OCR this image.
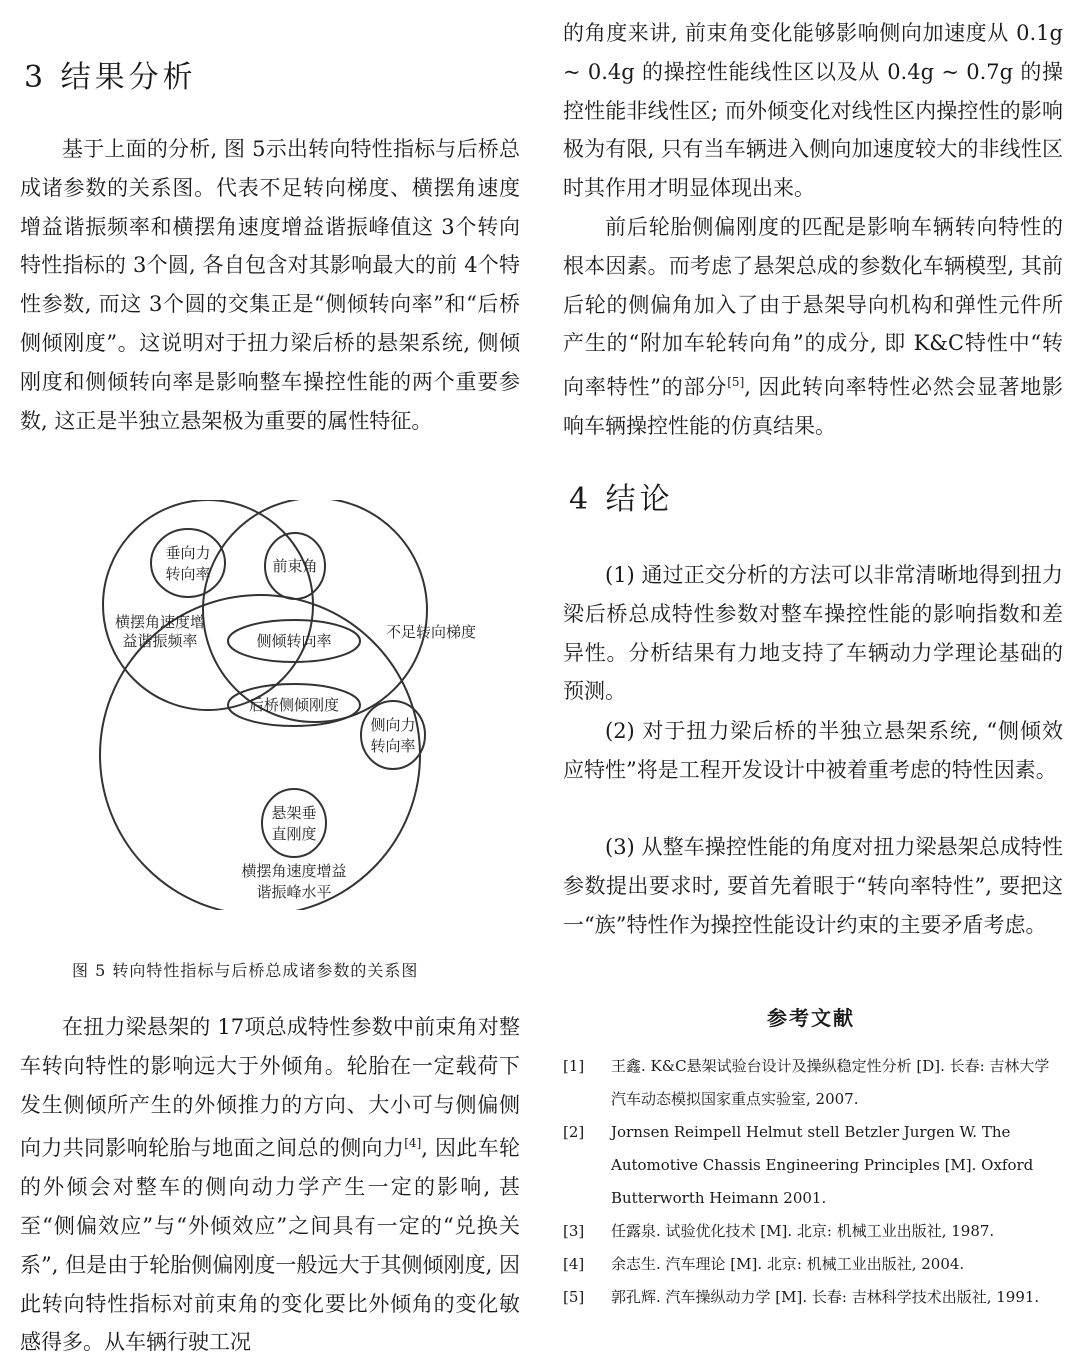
3 结果分析

基于上面的分析, 图 5示出转向特性指标与后桥总成诸参数的关系图。代表不足转向梯度、横摆角速度增益谐振频率和横摆角速度增益谐振峰值这 3个转向特性指标的 3个圆, 各自包含对其影响最大的前 4个特性参数, 而这 3个圆的交集正是“侧倾转向率”和“后桥侧倾刚度”。这说明对于扭力梁后桥的悬架系统, 侧倾刚度和侧倾转向率是影响整车操控性能的两个重要参数, 这正是半独立悬架极为重要的属性特征。

垂向力
转向率	前束角
横摆角速度增
益谐振频率	不足转向梯度
侧倾转向率
后桥侧倾刚度
侧向力
转向率
悬架垂
直刚度
横摆角速度增益
谐振峰水平
图 5 转向特性指标与后桥总成诸参数的关系图

在扭力梁悬架的 17项总成特性参数中前束角对整车转向特性的影响远大于外倾角。轮胎在一定载荷下发生侧倾所产生的外倾推力的方向、大小可与侧偏侧向力共同影响轮胎与地面之间总的侧向力[4], 因此车轮的外倾会对整车的侧向动力学产生一定的影响, 甚至“侧偏效应”与“外倾效应”之间具有一定的“兑换关系”, 但是由于轮胎侧偏刚度一般远大于其侧倾刚度, 因此转向特性指标对前束角的变化要比外倾角的变化敏感得多。从车辆行驶工况

的角度来讲, 前束角变化能够影响侧向加速度从 0.1g ~ 0.4g 的操控性能线性区以及从 0.4g ~ 0.7g 的操控性能非线性区; 而外倾变化对线性区内操控性的影响极为有限, 只有当车辆进入侧向加速度较大的非线性区时其作用才明显体现出来。

前后轮胎侧偏刚度的匹配是影响车辆转向特性的根本因素。而考虑了悬架总成的参数化车辆模型, 其前后轮的侧偏角加入了由于悬架导向机构和弹性元件所产生的“附加车轮转向角”的成分, 即 K&C特性中“转向率特性”的部分[5], 因此转向率特性必然会显著地影响车辆操控性能的仿真结果。

4 结论

(1) 通过正交分析的方法可以非常清晰地得到扭力梁后桥总成特性参数对整车操控性能的影响指数和差异性。分析结果有力地支持了车辆动力学理论基础的预测。

(2) 对于扭力梁后桥的半独立悬架系统, “侧倾效应特性”将是工程开发设计中被着重考虑的特性因素。

(3) 从整车操控性能的角度对扭力梁悬架总成特性参数提出要求时, 要首先着眼于“转向率特性”, 要把这一“族”特性作为操控性能设计约束的主要矛盾考虑。

参考文献
[1] 王鑫. K&C悬架试验台设计及操纵稳定性分析 [D]. 长春: 吉林大学汽车动态模拟国家重点实验室, 2007.
[2] Jornsen Reimpell Helmut stell Betzler Jurgen W. The Automotive Chassis Engineering Principles [M]. Oxford Butterworth Heimann 2001.
[3] 任露泉. 试验优化技术 [M]. 北京: 机械工业出版社, 1987.
[4] 余志生. 汽车理论 [M]. 北京: 机械工业出版社, 2004.
[5] 郭孔辉. 汽车操纵动力学 [M]. 长春: 吉林科学技术出版社, 1991.
